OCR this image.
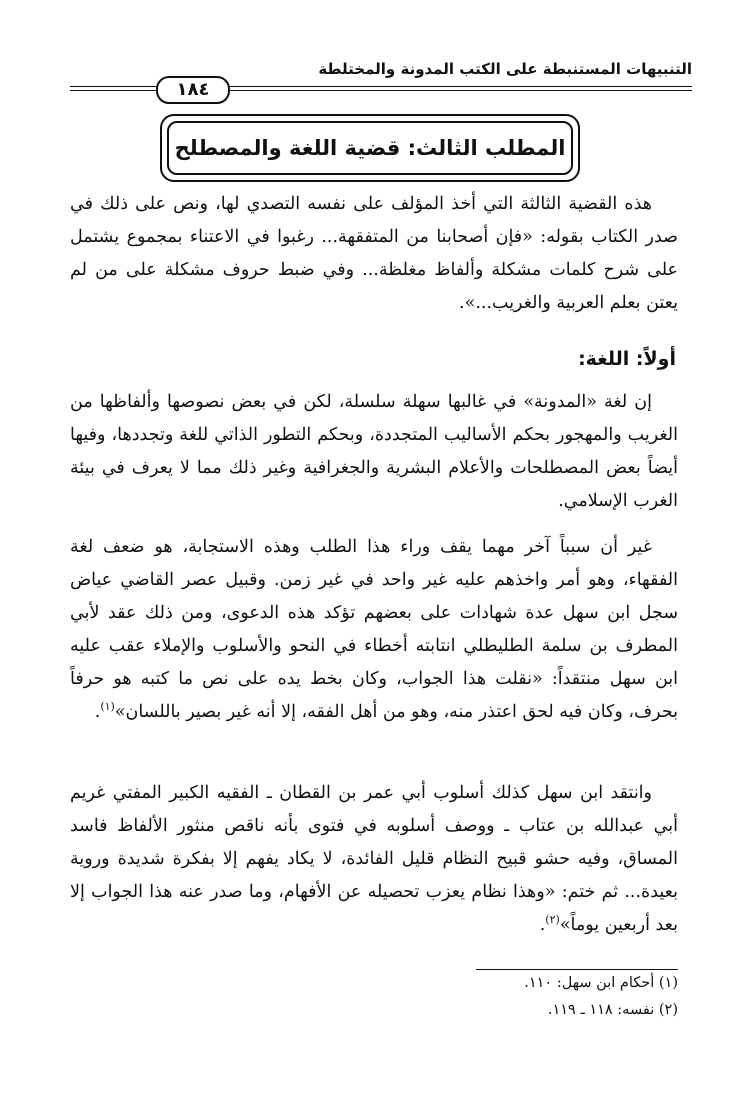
التنبيهات المستنبطة على الكتب المدونة والمختلطة
١٨٤
المطلب الثالث: قضية اللغة والمصطلح

هذه القضية الثالثة التي أخذ المؤلف على نفسه التصدي لها، ونص على ذلك في صدر الكتاب بقوله: «فإن أصحابنا من المتفقهة... رغبوا في الاعتناء بمجموع يشتمل على شرح كلمات مشكلة وألفاظ مغلظة... وفي ضبط حروف مشكلة على من لم يعتن بعلم العربية والغريب...».

أولاً: اللغة:

إن لغة «المدونة» في غالبها سهلة سلسلة، لكن في بعض نصوصها وألفاظها من الغريب والمهجور بحكم الأساليب المتجددة، وبحكم التطور الذاتي للغة وتجددها، وفيها أيضاً بعض المصطلحات والأعلام البشرية والجغرافية وغير ذلك مما لا يعرف في بيئة الغرب الإسلامي.

غير أن سبباً آخر مهما يقف وراء هذا الطلب وهذه الاستجابة، هو ضعف لغة الفقهاء، وهو أمر واخذهم عليه غير واحد في غير زمن. وقبيل عصر القاضي عياض سجل ابن سهل عدة شهادات على بعضهم تؤكد هذه الدعوى، ومن ذلك عقد لأبي المطرف بن سلمة الطليطلي انتابته أخطاء في النحو والأسلوب والإملاء عقب عليه ابن سهل منتقداً: «نقلت هذا الجواب، وكان بخط يده على نص ما كتبه هو حرفاً بحرف، وكان فيه لحق اعتذر منه، وهو من أهل الفقه، إلا أنه غير بصير باللسان»$^{(١)}$.

وانتقد ابن سهل كذلك أسلوب أبي عمر بن القطان ـ الفقيه الكبير المفتي غريم أبي عبدالله بن عتاب ـ ووصف أسلوبه في فتوى بأنه ناقص منثور الألفاظ فاسد المساق، وفيه حشو قبيح النظام قليل الفائدة، لا يكاد يفهم إلا بفكرة شديدة وروية بعيدة... ثم ختم: «وهذا نظام يعزب تحصيله عن الأفهام، وما صدر عنه هذا الجواب إلا بعد أربعين يوماً»$^{(٢)}$.

(١) أحكام ابن سهل: ١١٠.
(٢) نفسه: ١١٨ ـ ١١٩.
